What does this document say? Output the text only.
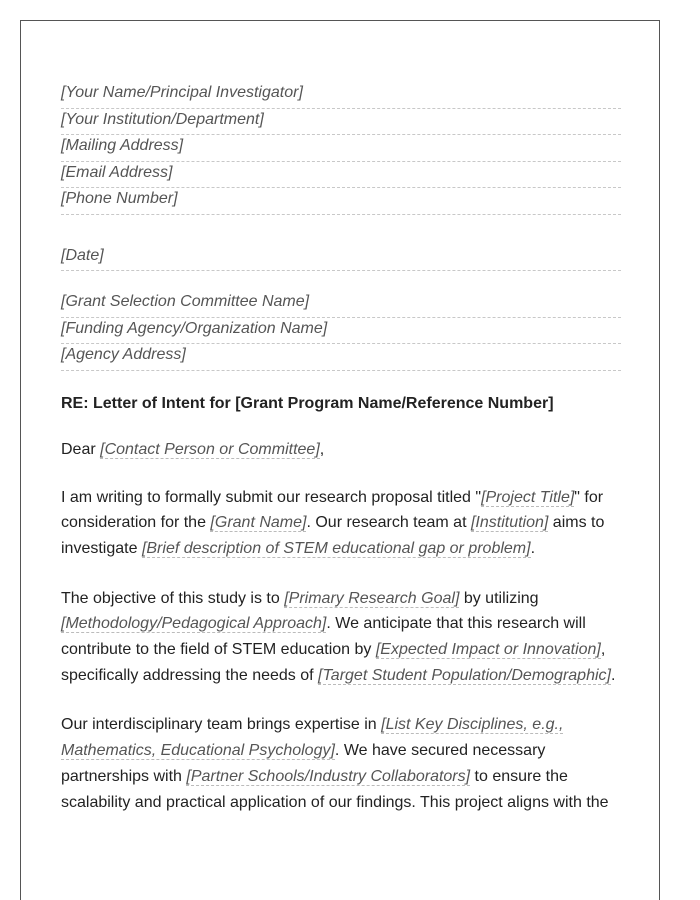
[Your Name/Principal Investigator]
[Your Institution/Department]
[Mailing Address]
[Email Address]
[Phone Number]
[Date]
[Grant Selection Committee Name]
[Funding Agency/Organization Name]
[Agency Address]
RE: Letter of Intent for [Grant Program Name/Reference Number]
Dear [Contact Person or Committee],

I am writing to formally submit our research proposal titled "[Project Title]" for consideration for the [Grant Name]. Our research team at [Institution] aims to investigate [Brief description of STEM educational gap or problem].

The objective of this study is to [Primary Research Goal] by utilizing [Methodology/Pedagogical Approach]. We anticipate that this research will contribute to the field of STEM education by [Expected Impact or Innovation], specifically addressing the needs of [Target Student Population/Demographic].

Our interdisciplinary team brings expertise in [List Key Disciplines, e.g., Mathematics, Educational Psychology]. We have secured necessary partnerships with [Partner Schools/Industry Collaborators] to ensure the scalability and practical application of our findings. This project aligns with the
